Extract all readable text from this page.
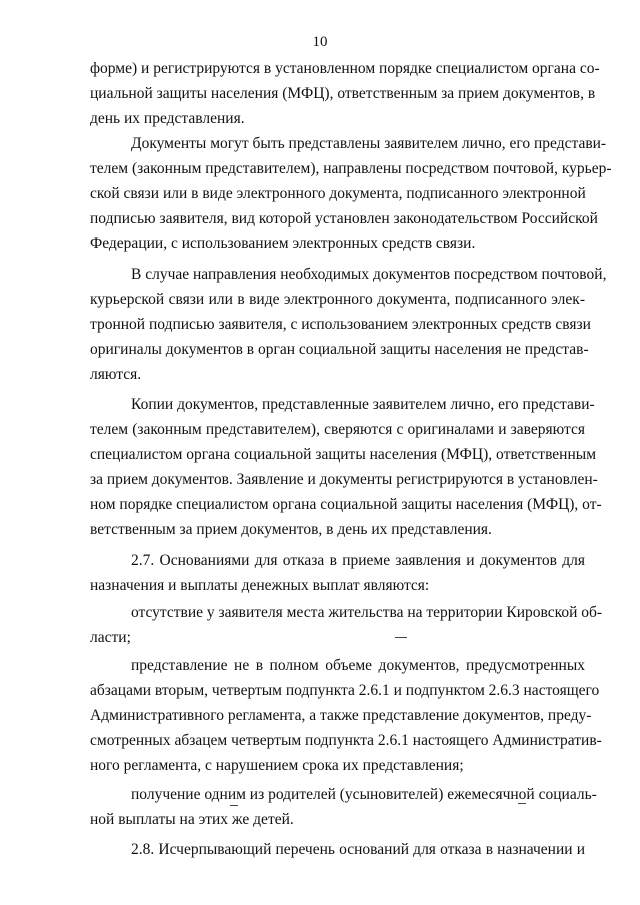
10
форме) и регистрируются в установленном порядке специалистом органа со-
циальной защиты населения (МФЦ), ответственным за прием документов, в
день их представления.
Документы могут быть представлены заявителем лично, его представи-
телем (законным представителем), направлены посредством почтовой, курьер-
ской связи или в виде электронного документа, подписанного электронной
подписью заявителя, вид которой установлен законодательством Российской
Федерации, с использованием электронных средств связи.
В случае направления необходимых документов посредством почтовой,
курьерской связи или в виде электронного документа, подписанного элек-
тронной подписью заявителя, с использованием электронных средств связи
оригиналы документов в орган социальной защиты населения не представ-
ляются.
Копии документов, представленные заявителем лично, его представи-
телем (законным представителем), сверяются с оригиналами и заверяются
специалистом органа социальной защиты населения (МФЦ), ответственным
за прием документов. Заявление и документы регистрируются в установлен-
ном порядке специалистом органа социальной защиты населения (МФЦ), от-
ветственным за прием документов, в день их представления.
2.7. Основаниями для отказа в приеме заявления и документов для
назначения и выплаты денежных выплат являются:
отсутствие у заявителя места жительства на территории Кировской об-
ласти;
представление не в полном объеме документов, предусмотренных
абзацами вторым, четвертым подпункта 2.6.1 и подпунктом 2.6.3 настоящего
Административного регламента, а также представление документов, преду-
смотренных абзацем четвертым подпункта 2.6.1 настоящего Административ-
ного регламента, с нарушением срока их представления;
получение одним из родителей (усыновителей) ежемесячной социаль-
ной выплаты на этих же детей.
2.8. Исчерпывающий перечень оснований для отказа в назначении и
